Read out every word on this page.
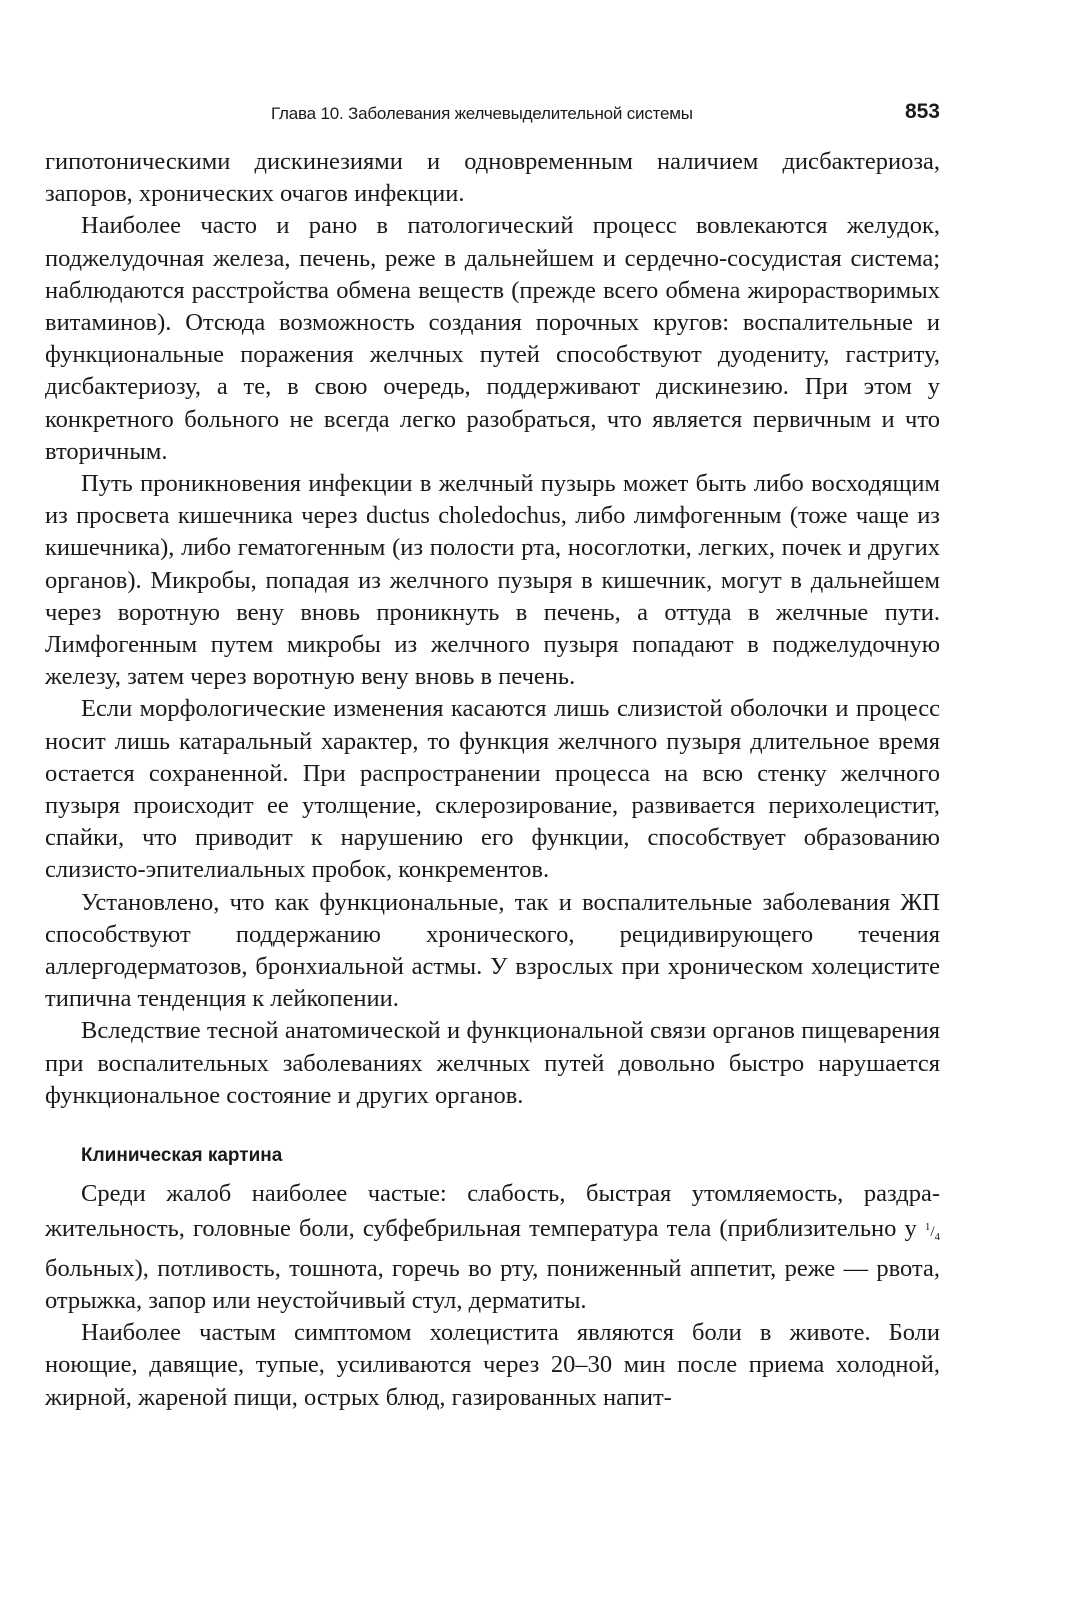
Глава 10. Заболевания желчевыделительной системы	853

гипотоническими дискинезиями и одновременным наличием дисбактериоза, запоров, хронических очагов инфекции.

Наиболее часто и рано в патологический процесс вовлекаются желудок, поджелудочная железа, печень, реже в дальнейшем и сердечно-сосудистая система; наблюдаются расстройства обмена веществ (прежде всего обмена жирорастворимых витаминов). Отсюда возможность создания порочных кругов: воспалительные и функциональные поражения желчных путей способствуют дуодениту, гастриту, дисбактериозу, а те, в свою очередь, поддерживают дискинезию. При этом у конкретного больного не всегда легко разобраться, что является первичным и что вторичным.

Путь проникновения инфекции в желчный пузырь может быть либо восходящим из просвета кишечника через ductus choledochus, либо лимфогенным (тоже чаще из кишечника), либо гематогенным (из полости рта, носоглотки, легких, почек и других органов). Микробы, попадая из желчного пузыря в кишечник, могут в дальнейшем через воротную вену вновь проникнуть в печень, а оттуда в желчные пути. Лимфогенным путем микробы из желчного пузыря попадают в поджелудочную железу, затем через воротную вену вновь в печень.

Если морфологические изменения касаются лишь слизистой оболочки и процесс носит лишь катаральный характер, то функция желчного пузыря длительное время остается сохраненной. При распространении процесса на всю стенку желчного пузыря происходит ее утолщение, склерозирование, развивается перихолецистит, спайки, что приводит к нарушению его функции, способствует образованию слизисто-эпителиальных пробок, конкрементов.

Установлено, что как функциональные, так и воспалительные заболевания ЖП способствуют поддержанию хронического, рецидивирующего течения аллергодерматозов, бронхиальной астмы. У взрослых при хроническом холецистите типична тенденция к лейкопении.

Вследствие тесной анатомической и функциональной связи органов пищеварения при воспалительных заболеваниях желчных путей довольно быстро нарушается функциональное состояние и других органов.

Клиническая картина

Среди жалоб наиболее частые: слабость, быстрая утомляемость, раздражительность, головные боли, субфебрильная температура тела (приблизительно у $^1/_4$ больных), потливость, тошнота, горечь во рту, пониженный аппетит, реже — рвота, отрыжка, запор или неустойчивый стул, дерматиты.

Наиболее частым симптомом холецистита являются боли в животе. Боли ноющие, давящие, тупые, усиливаются через 20–30 мин после приема холодной, жирной, жареной пищи, острых блюд, газированных напит-
